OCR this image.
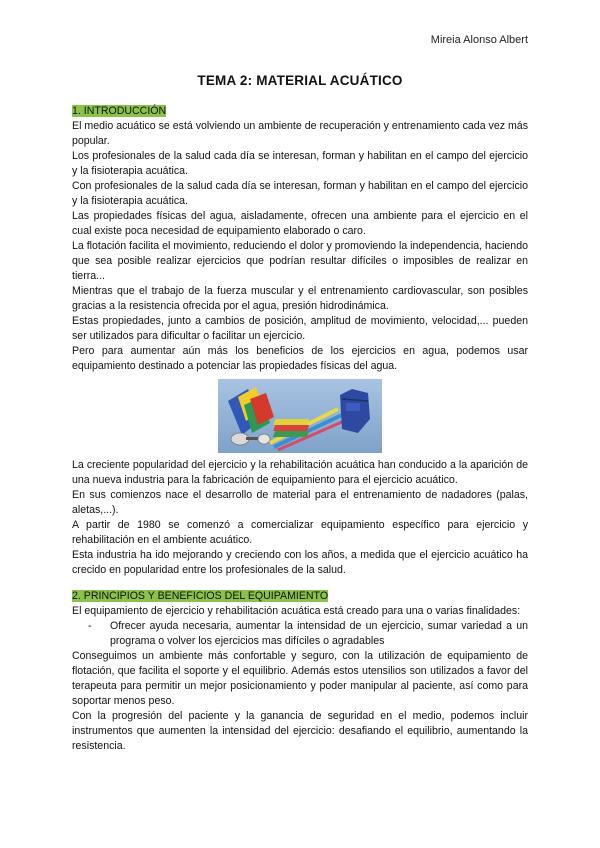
Mireia Alonso Albert
TEMA 2: MATERIAL ACUÁTICO

1. INTRODUCCIÓN

El medio acuático se está volviendo un ambiente de recuperación y entrenamiento cada vez más popular.

Los profesionales de la salud cada día se interesan, forman y habilitan en el campo del ejercicio y la fisioterapia acuática.

Con profesionales de la salud cada día se interesan, forman y habilitan en el campo del ejercicio y la fisioterapia acuática.

Las propiedades físicas del agua, aisladamente, ofrecen una ambiente para el ejercicio en el cual existe poca necesidad de equipamiento elaborado o caro.

La flotación facilita el movimiento, reduciendo el dolor y promoviendo la independencia, haciendo que sea posible realizar ejercicios que podrían resultar difíciles o imposibles de realizar en tierra...

Mientras que el trabajo de la fuerza muscular y el entrenamiento cardiovascular, son posibles gracias a la resistencia ofrecida por el agua, presión hidrodinámica.

Estas propiedades, junto a cambios de posición, amplitud de movimiento, velocidad,... pueden ser utilizados para dificultar o facilitar un ejercicio.

Pero para aumentar aún más los beneficios de los ejercicios en agua, podemos usar equipamiento destinado a potenciar las propiedades físicas del agua.

La creciente popularidad del ejercicio y la rehabilitación acuática han conducido a la aparición de una nueva industria para la fabricación de equipamiento para el ejercicio acuático.

En sus comienzos nace el desarrollo de material para el entrenamiento de nadadores (palas, aletas,...).

A partir de 1980 se comenzó a comercializar equipamiento específico para ejercicio y rehabilitación en el ambiente acuático.

Esta industria ha ido mejorando y creciendo con los años, a medida que el ejercicio acuático ha crecido en popularidad entre los profesionales de la salud.

2. PRINCIPIOS Y BENEFICIOS DEL EQUIPAMIENTO

El equipamiento de ejercicio y rehabilitación acuática está creado para una o varias finalidades:

- Ofrecer ayuda necesaria, aumentar la intensidad de un ejercicio, sumar variedad a un programa o volver los ejercicios mas difíciles o agradables

Conseguimos un ambiente más confortable y seguro, con la utilización de equipamiento de flotación, que facilita el soporte y el equilibrio. Además estos utensilios son utilizados a favor del terapeuta para permitir un mejor posicionamiento y poder manipular al paciente, así como para soportar menos peso.

Con la progresión del paciente y la ganancia de seguridad en el medio, podemos incluir instrumentos que aumenten la intensidad del ejercicio: desafiando el equilibrio, aumentando la resistencia.
